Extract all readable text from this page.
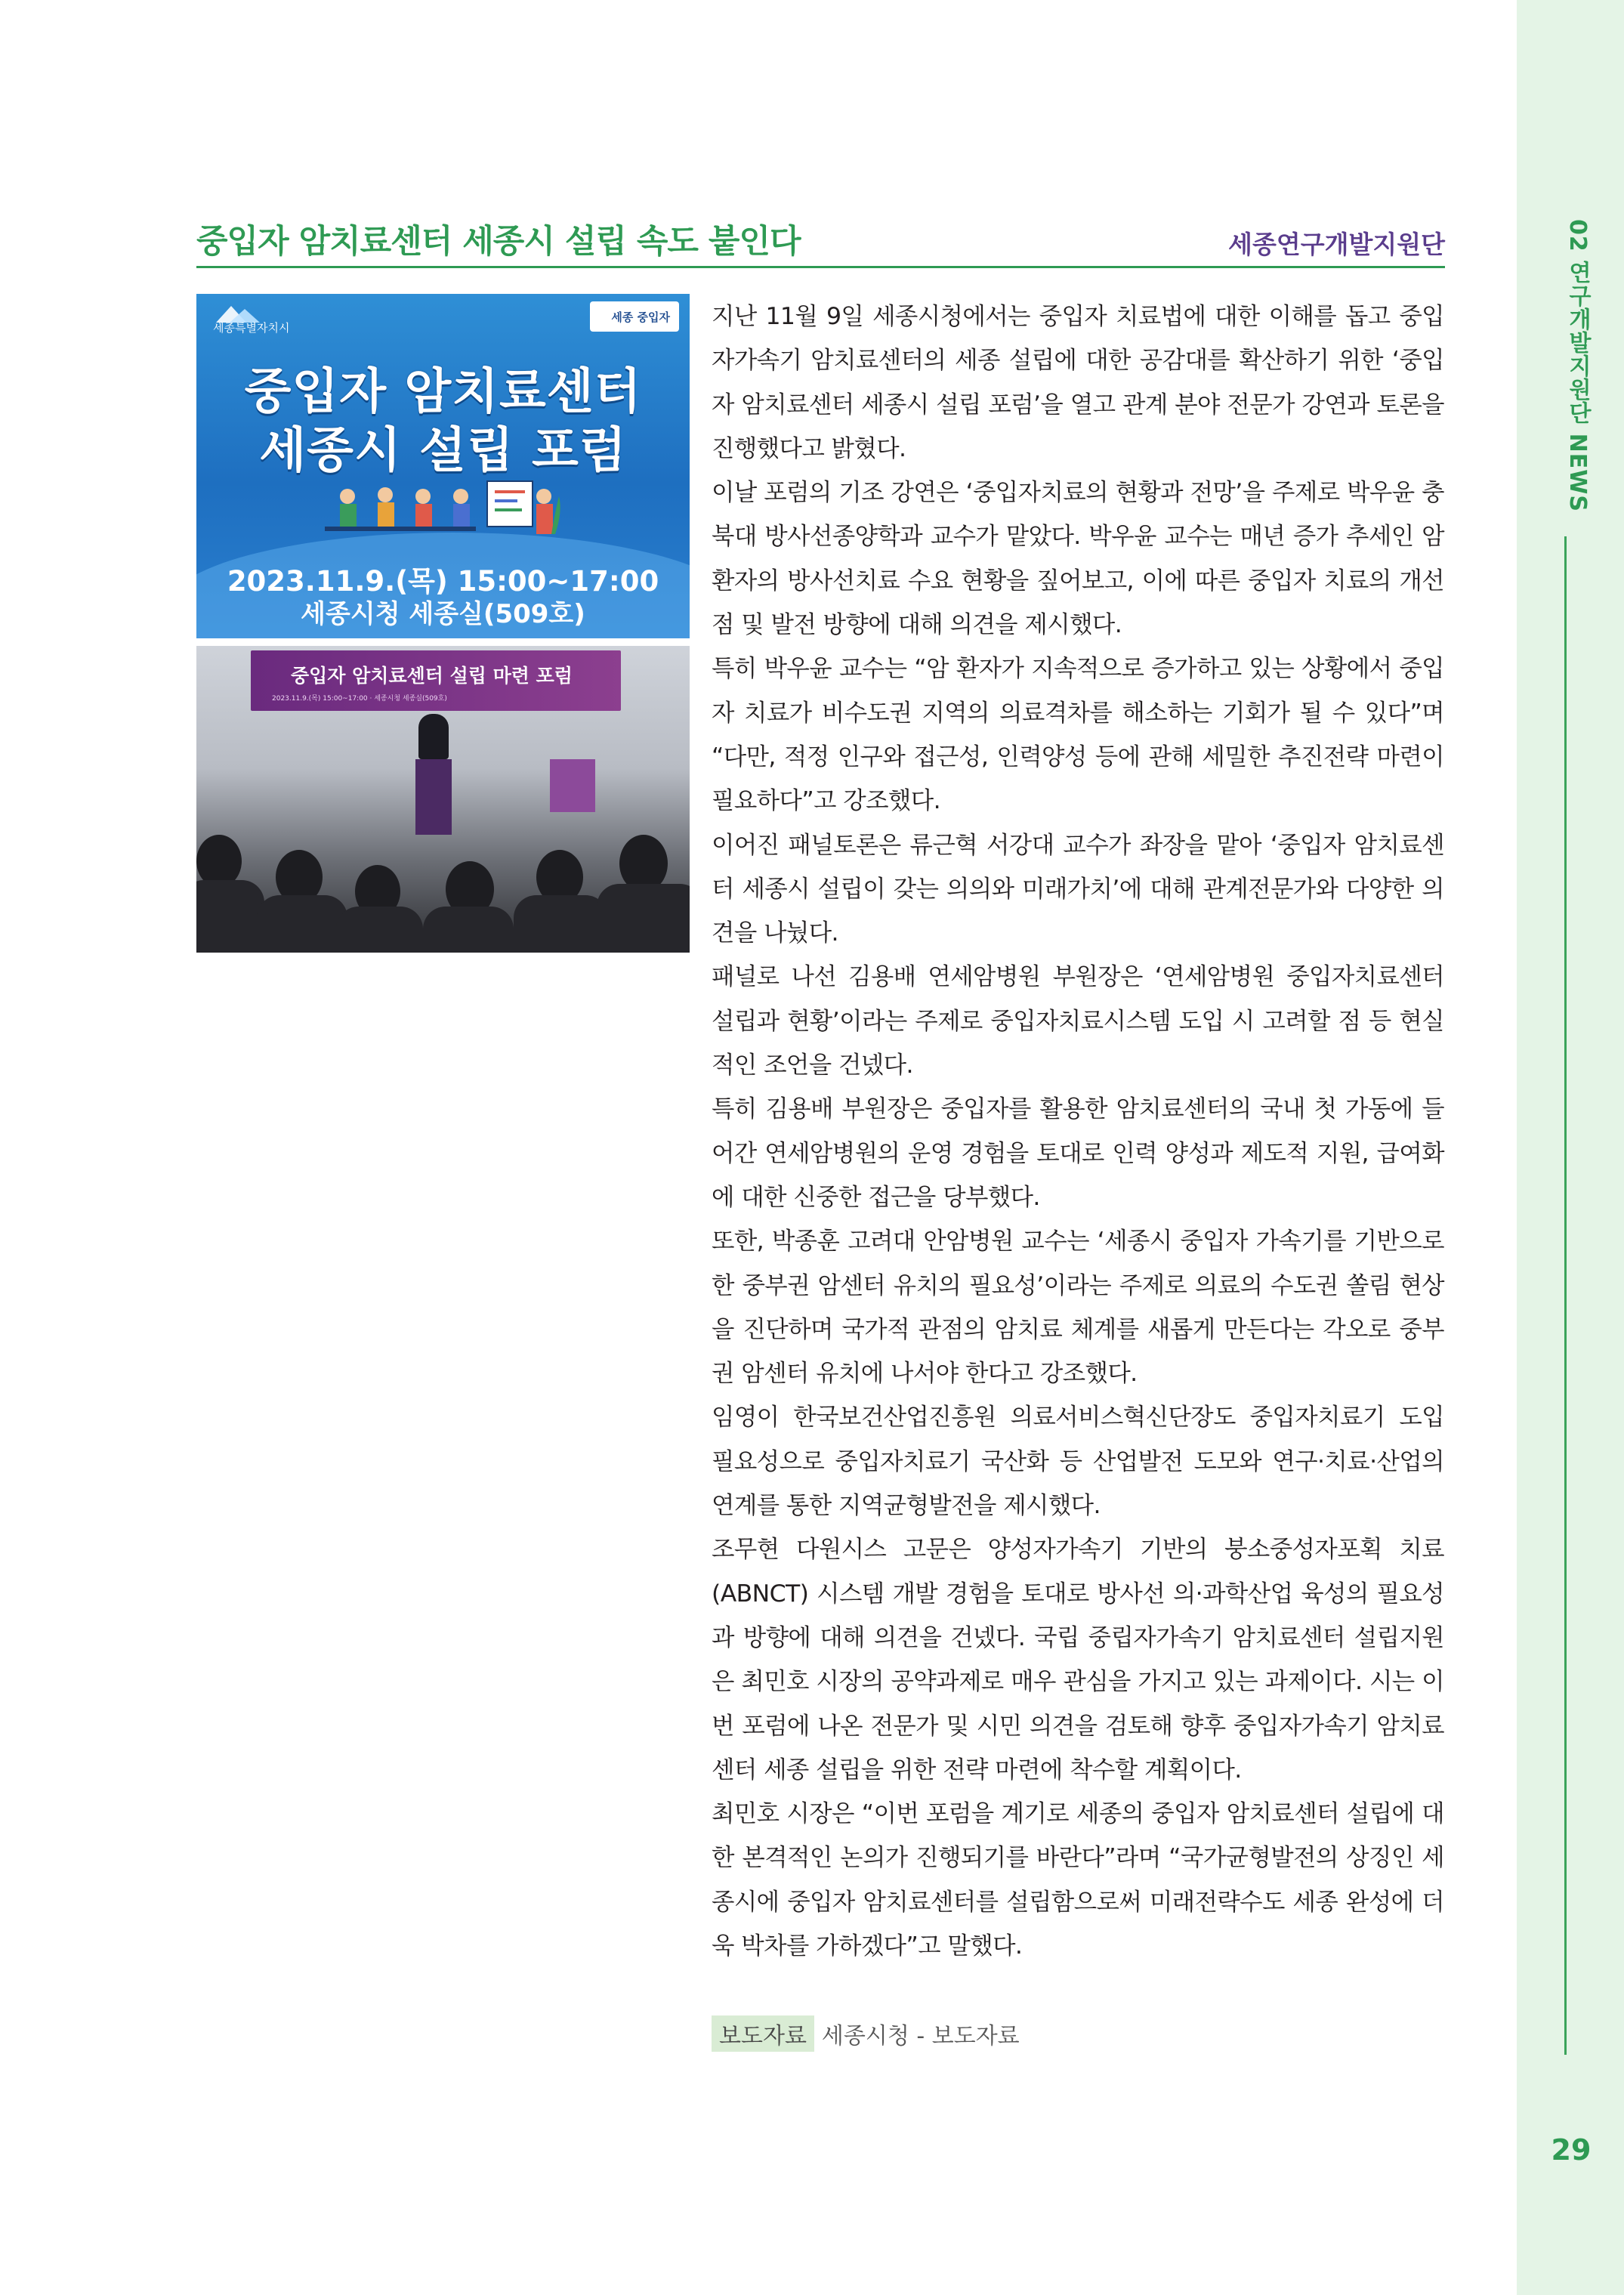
02 연구개발지원단 NEWS
29
중입자 암치료센터 세종시 설립 속도 붙인다	세종연구개발지원단
세종특별자치시
세종 중입자
중입자 암치료센터
세종시 설립 포럼
2023.11.9.(목) 15:00~17:00
세종시청 세종실(509호)
중입자 암치료센터 설립 마련 포럼
2023.11.9.(목) 15:00~17:00 · 세종시청 세종실(509호)

지난 11월 9일 세종시청에서는 중입자 치료법에 대한 이해를 돕고 중입자가속기 암치료센터의 세종 설립에 대한 공감대를 확산하기 위한 ‘중입자 암치료센터 세종시 설립 포럼’을 열고 관계 분야 전문가 강연과 토론을 진행했다고 밝혔다.

이날 포럼의 기조 강연은 ‘중입자치료의 현황과 전망’을 주제로 박우윤 충북대 방사선종양학과 교수가 맡았다. 박우윤 교수는 매년 증가 추세인 암 환자의 방사선치료 수요 현황을 짚어보고, 이에 따른 중입자 치료의 개선점 및 발전 방향에 대해 의견을 제시했다.

특히 박우윤 교수는 “암 환자가 지속적으로 증가하고 있는 상황에서 중입자 치료가 비수도권 지역의 의료격차를 해소하는 기회가 될 수 있다”며 “다만, 적정 인구와 접근성, 인력양성 등에 관해 세밀한 추진전략 마련이 필요하다”고 강조했다.

이어진 패널토론은 류근혁 서강대 교수가 좌장을 맡아 ‘중입자 암치료센터 세종시 설립이 갖는 의의와 미래가치’에 대해 관계전문가와 다양한 의견을 나눴다.

패널로 나선 김용배 연세암병원 부원장은 ‘연세암병원 중입자치료센터 설립과 현황’이라는 주제로 중입자치료시스템 도입 시 고려할 점 등 현실적인 조언을 건넸다.

특히 김용배 부원장은 중입자를 활용한 암치료센터의 국내 첫 가동에 들어간 연세암병원의 운영 경험을 토대로 인력 양성과 제도적 지원, 급여화에 대한 신중한 접근을 당부했다.

또한, 박종훈 고려대 안암병원 교수는 ‘세종시 중입자 가속기를 기반으로 한 중부권 암센터 유치의 필요성’이라는 주제로 의료의 수도권 쏠림 현상을 진단하며 국가적 관점의 암치료 체계를 새롭게 만든다는 각오로 중부권 암센터 유치에 나서야 한다고 강조했다.

임영이 한국보건산업진흥원 의료서비스혁신단장도 중입자치료기 도입 필요성으로 중입자치료기 국산화 등 산업발전 도모와 연구·치료·산업의 연계를 통한 지역균형발전을 제시했다.

조무현 다원시스 고문은 양성자가속기 기반의 붕소중성자포획 치료(ABNCT) 시스템 개발 경험을 토대로 방사선 의·과학산업 육성의 필요성과 방향에 대해 의견을 건넸다. 국립 중립자가속기 암치료센터 설립지원은 최민호 시장의 공약과제로 매우 관심을 가지고 있는 과제이다. 시는 이번 포럼에 나온 전문가 및 시민 의견을 검토해 향후 중입자가속기 암치료센터 세종 설립을 위한 전략 마련에 착수할 계획이다.

최민호 시장은 “이번 포럼을 계기로 세종의 중입자 암치료센터 설립에 대한 본격적인 논의가 진행되기를 바란다”라며 “국가균형발전의 상징인 세종시에 중입자 암치료센터를 설립함으로써 미래전략수도 세종 완성에 더욱 박차를 가하겠다”고 말했다.

보도자료 세종시청 - 보도자료
